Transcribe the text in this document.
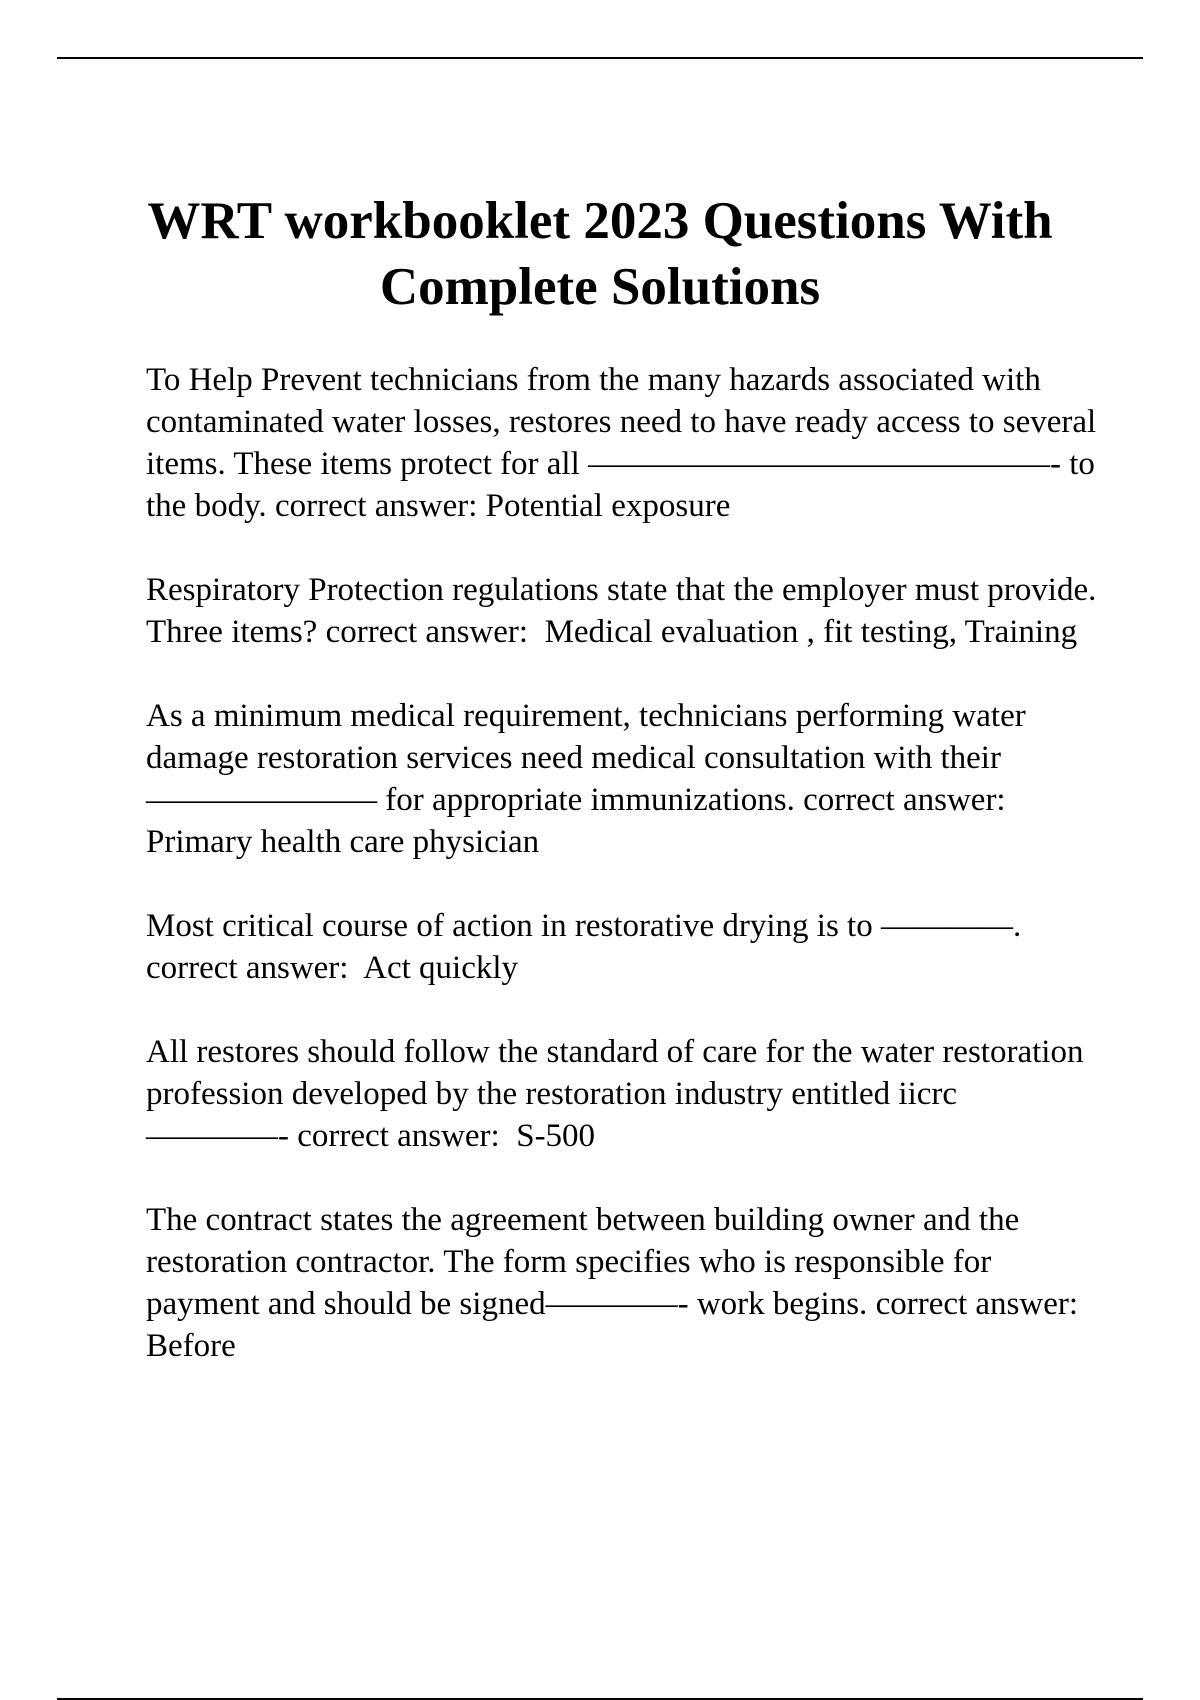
WRT workbooklet 2023 Questions With Complete Solutions

To Help Prevent technicians from the many hazards associated with contaminated water losses, restores need to have ready access to several items. These items protect for all ——————————————- to the body. correct answer: Potential exposure

Respiratory Protection regulations state that the employer must provide. Three items? correct answer: Medical evaluation , fit testing, Training

As a minimum medical requirement, technicians performing water damage restoration services need medical consultation with their ——————— for appropriate immunizations. correct answer:  Primary health care physician

Most critical course of action in restorative drying is to ————. correct answer: Act quickly

All restores should follow the standard of care for the water restoration profession developed by the restoration industry entitled iicrc ————- correct answer: S-500

The contract states the agreement between building owner and the restoration contractor. The form specifies who is responsible for payment and should be signed————- work begins. correct answer:  Before
